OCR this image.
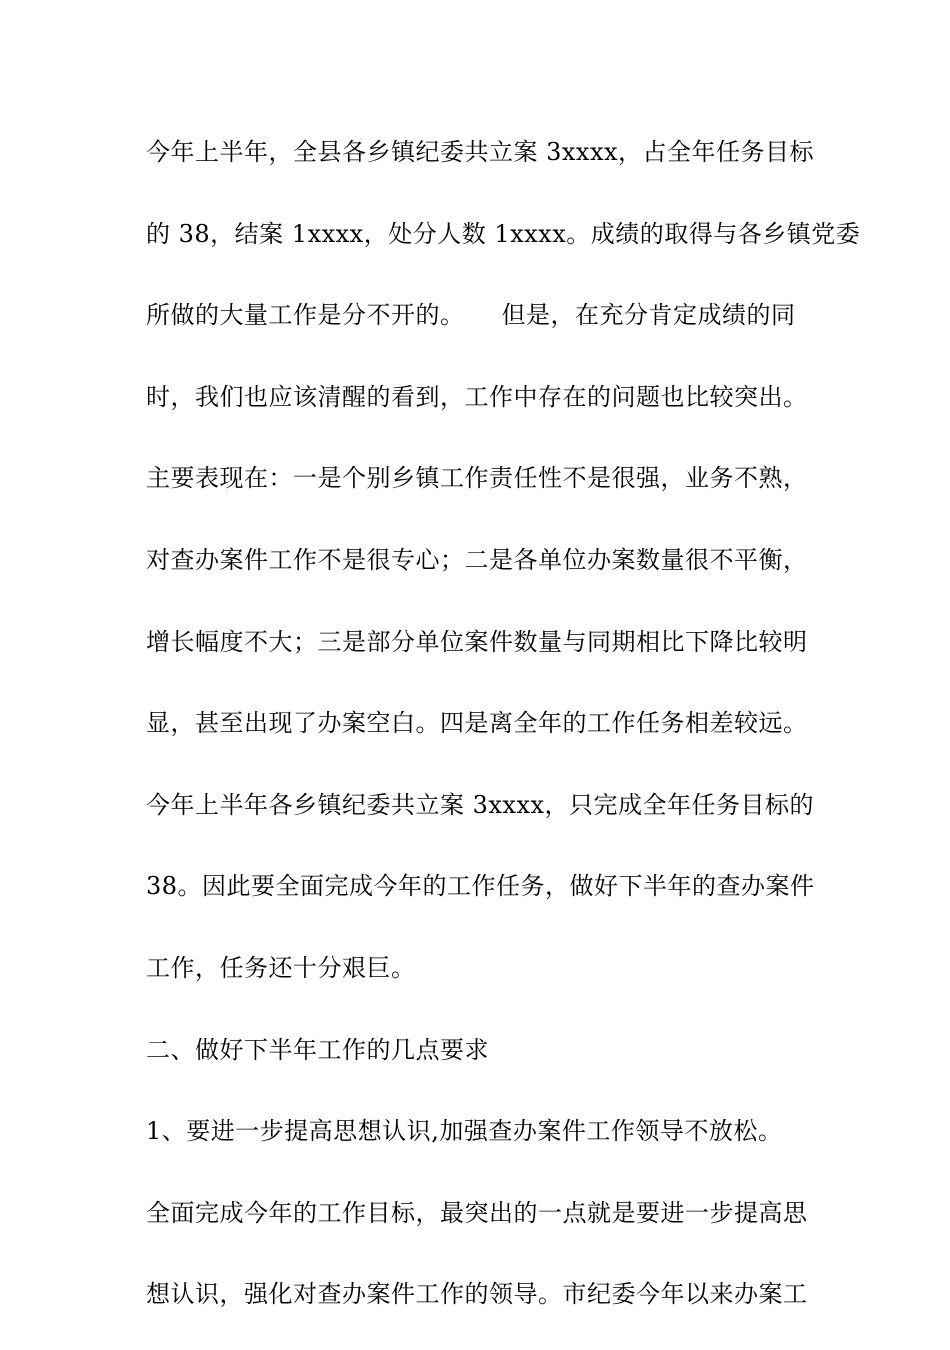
今年上半年，全县各乡镇纪委共立案 3xxxx，占全年任务目标
的 38，结案 1xxxx，处分人数 1xxxx。成绩的取得与各乡镇党委
所做的大量工作是分不开的。　　但是，在充分肯定成绩的同
时，我们也应该清醒的看到，工作中存在的问题也比较突出。
主要表现在：一是个别乡镇工作责任性不是很强，业务不熟，
对查办案件工作不是很专心；二是各单位办案数量很不平衡，
增长幅度不大；三是部分单位案件数量与同期相比下降比较明
显，甚至出现了办案空白。四是离全年的工作任务相差较远。
今年上半年各乡镇纪委共立案 3xxxx，只完成全年任务目标的
38。因此要全面完成今年的工作任务，做好下半年的查办案件
工作，任务还十分艰巨。
二、做好下半年工作的几点要求
1、要进一步提高思想认识,加强查办案件工作领导不放松。
全面完成今年的工作目标，最突出的一点就是要进一步提高思
想认识，强化对查办案件工作的领导。市纪委今年以来办案工
